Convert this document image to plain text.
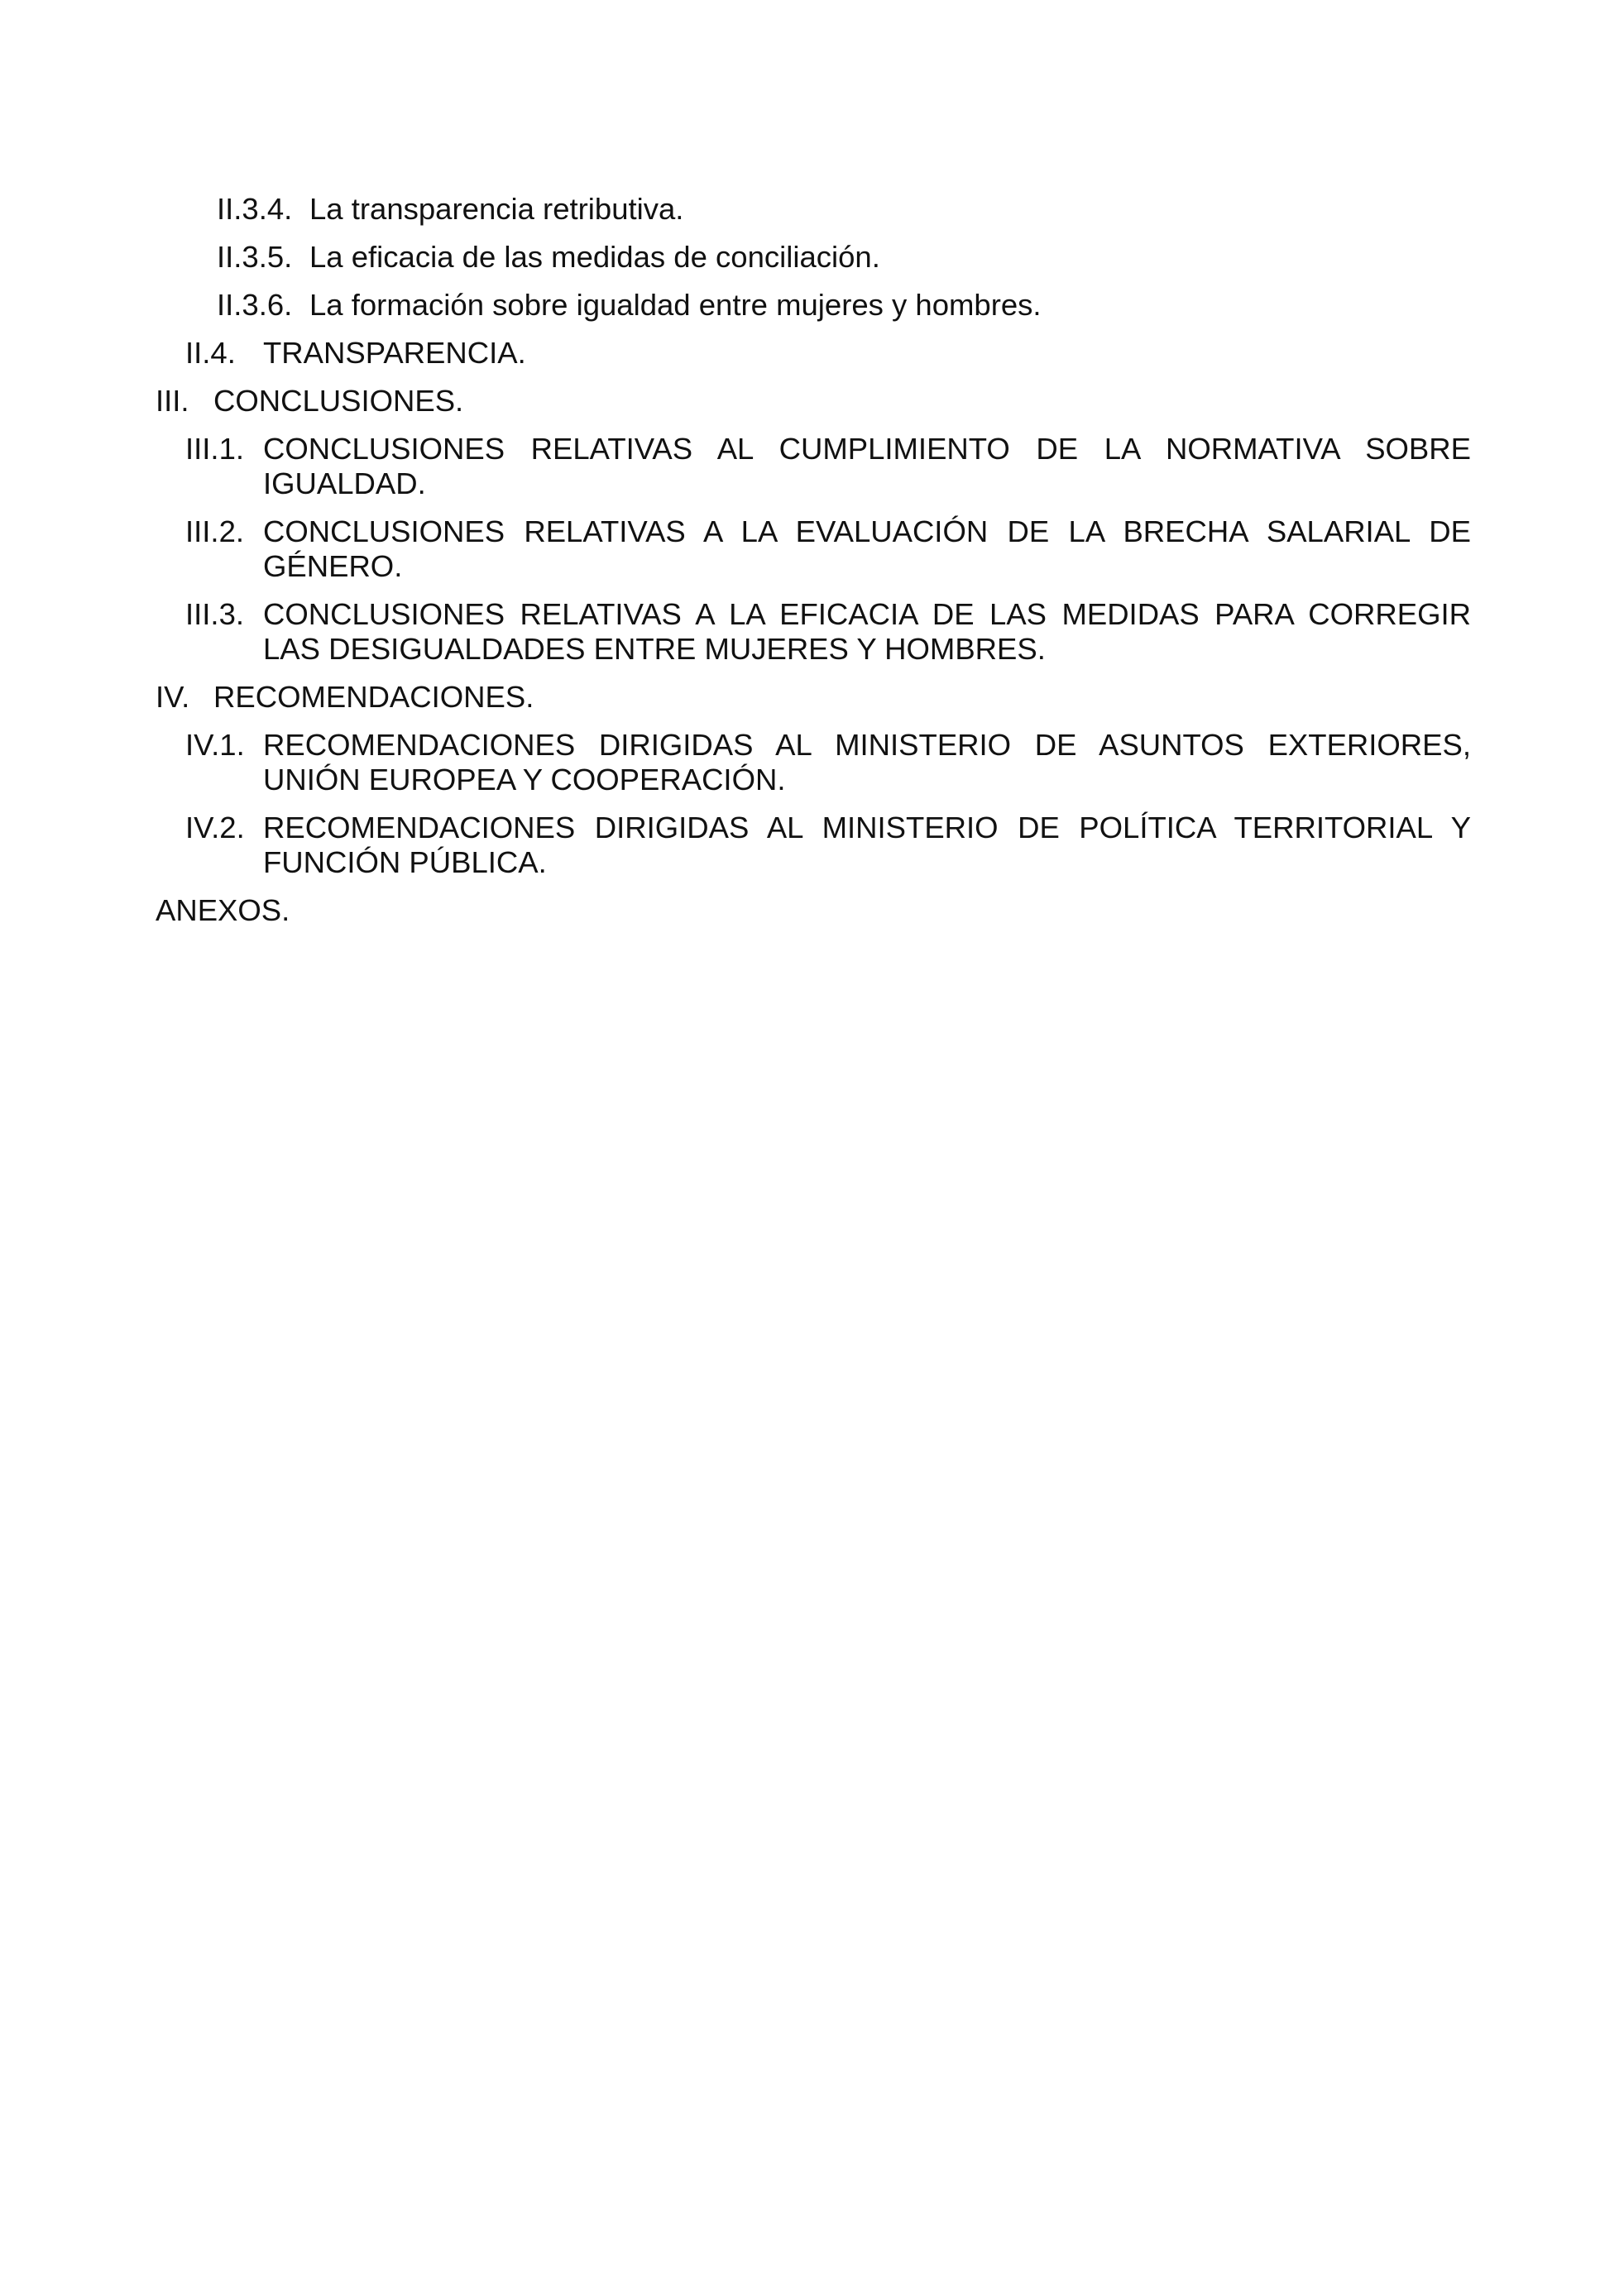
II.3.4. La transparencia retributiva.
II.3.5. La eficacia de las medidas de conciliación.
II.3.6. La formación sobre igualdad entre mujeres y hombres.
II.4. TRANSPARENCIA.
III. CONCLUSIONES.
III.1. CONCLUSIONES RELATIVAS AL CUMPLIMIENTO DE LA NORMATIVA SOBRE IGUALDAD.
III.2. CONCLUSIONES RELATIVAS A LA EVALUACIÓN DE LA BRECHA SALARIAL DE GÉNERO.
III.3. CONCLUSIONES RELATIVAS A LA EFICACIA DE LAS MEDIDAS PARA CORREGIR LAS DESIGUALDADES ENTRE MUJERES Y HOMBRES.
IV. RECOMENDACIONES.
IV.1. RECOMENDACIONES DIRIGIDAS AL MINISTERIO DE ASUNTOS EXTERIORES, UNIÓN EUROPEA Y COOPERACIÓN.
IV.2. RECOMENDACIONES DIRIGIDAS AL MINISTERIO DE POLÍTICA TERRITORIAL Y FUNCIÓN PÚBLICA.
ANEXOS.
